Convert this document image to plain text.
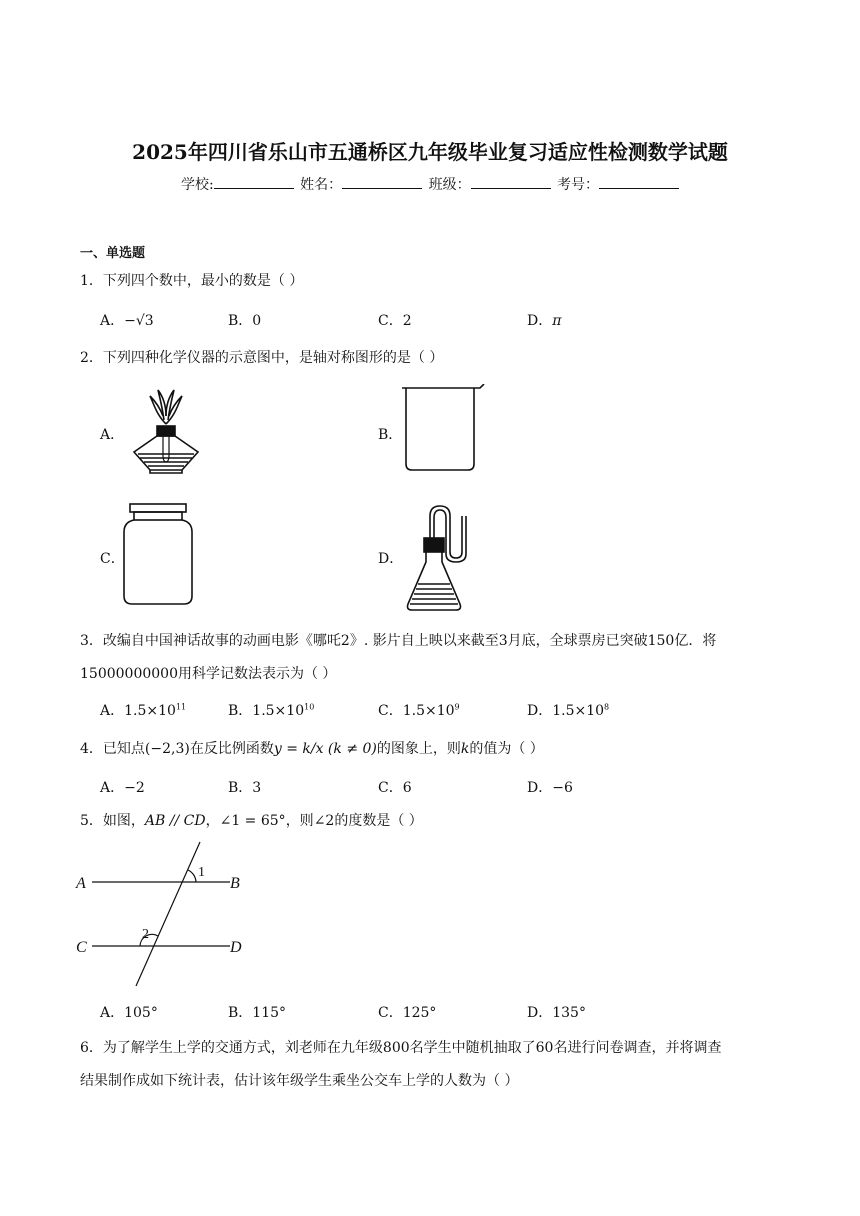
2025年四川省乐山市五通桥区九年级毕业复习适应性检测数学试题
学校:	姓名：	班级：	考号：
一、单选题
1．下列四个数中，最小的数是（ ）
A．−√3	B．0	C．2	D．π
2．下列四种化学仪器的示意图中，是轴对称图形的是（ ）
A．	B．
C．	D．
3．改编自中国神话故事的动画电影《哪吒2》. 影片自上映以来截至3月底，全球票房已突破150亿．将
15000000000用科学记数法表示为（ ）
A．$1.5\times 10^{11}$	B．$1.5\times 10^{10}$	C．$1.5\times 10^9$	D．$1.5\times 10^8$
4．已知点(−2,3)在反比例函数y = k/x (k ≠ 0)的图象上，则k的值为（ ）
A．−2	B．3	C．6	D．−6
5．如图，AB // CD，∠1 = 65°，则∠2的度数是（ ）
A	B
C	D
1
2
A．105°	B．115°	C．125°	D．135°
6．为了解学生上学的交通方式，刘老师在九年级800名学生中随机抽取了60名进行问卷调查，并将调查
结果制作成如下统计表，估计该年级学生乘坐公交车上学的人数为（ ）
